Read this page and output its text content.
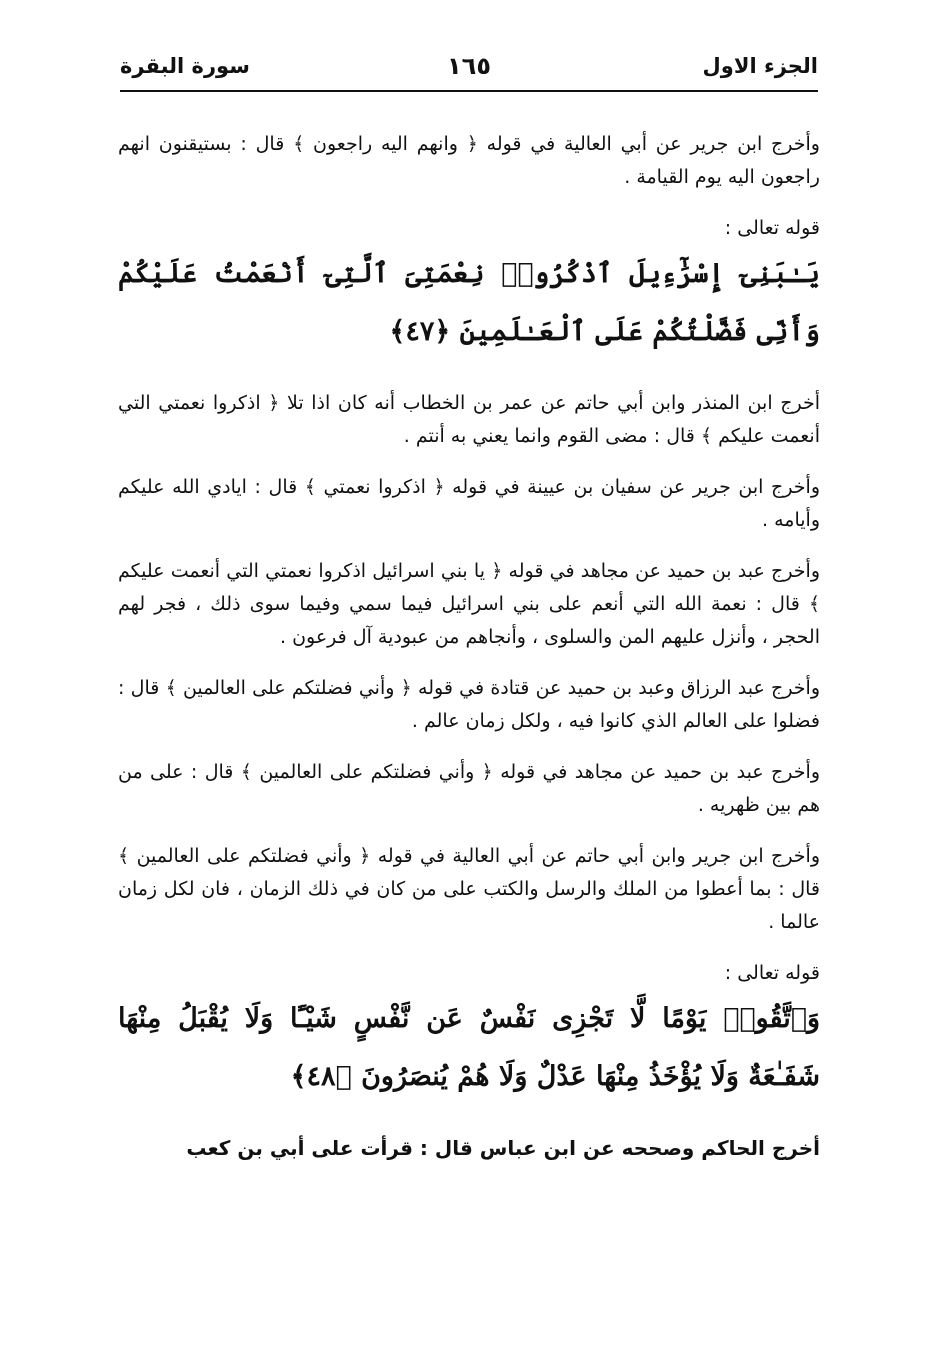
الجزء الاول
١٦٥
سورة البقرة

وأخرج ابن جرير عن أبي العالية في قوله ﴿ وانهم اليه راجعون ﴾ قال : بستيقنون انهم راجعون اليه يوم القيامة .

قوله تعالى :
يَـٰبَنِىٓ إِسْرَٰٓءِيلَ ٱذْكُرُوا۟ نِعْمَتِىَ ٱلَّتِىٓ أَنْعَمْتُ عَلَيْكُمْ وَأَنِّى فَضَّلْتُكُمْ عَلَى ٱلْعَـٰلَمِينَ ﴿٤٧﴾

أخرج ابن المنذر وابن أبي حاتم عن عمر بن الخطاب أنه كان اذا تلا ﴿ اذكروا نعمتي التي أنعمت عليكم ﴾ قال : مضى القوم وانما يعني به أنتم .

وأخرج ابن جرير عن سفيان بن عيينة في قوله ﴿ اذكروا نعمتي ﴾ قال : ايادي الله عليكم وأيامه .

وأخرج عبد بن حميد عن مجاهد في قوله ﴿ يا بني اسرائيل اذكروا نعمتي التي أنعمت عليكم ﴾ قال : نعمة الله التي أنعم على بني اسرائيل فيما سمي وفيما سوى ذلك ، فجر لهم الحجر ، وأنزل عليهم المن والسلوى ، وأنجاهم من عبودية آل فرعون .

وأخرج عبد الرزاق وعبد بن حميد عن قتادة في قوله ﴿ وأني فضلتكم على العالمين ﴾ قال : فضلوا على العالم الذي كانوا فيه ، ولكل زمان عالم .

وأخرج عبد بن حميد عن مجاهد في قوله ﴿ وأني فضلتكم على العالمين ﴾ قال : على من هم بين ظهريه .

وأخرج ابن جرير وابن أبي حاتم عن أبي العالية في قوله ﴿ وأني فضلتكم على العالمين ﴾ قال : بما أعطوا من الملك والرسل والكتب على من كان في ذلك الزمان ، فان لكل زمان عالما .

قوله تعالى :
وَٱتَّقُوا۟ يَوْمًا لَّا تَجْزِى نَفْسٌ عَن نَّفْسٍ شَيْـًٔا وَلَا يُقْبَلُ مِنْهَا شَفَـٰعَةٌ وَلَا يُؤْخَذُ مِنْهَا عَدْلٌ وَلَا هُمْ يُنصَرُونَ ﴿٤٨﴾

أخرج الحاكم وصححه عن ابن عباس قال : قرأت على أبي بن كعب
